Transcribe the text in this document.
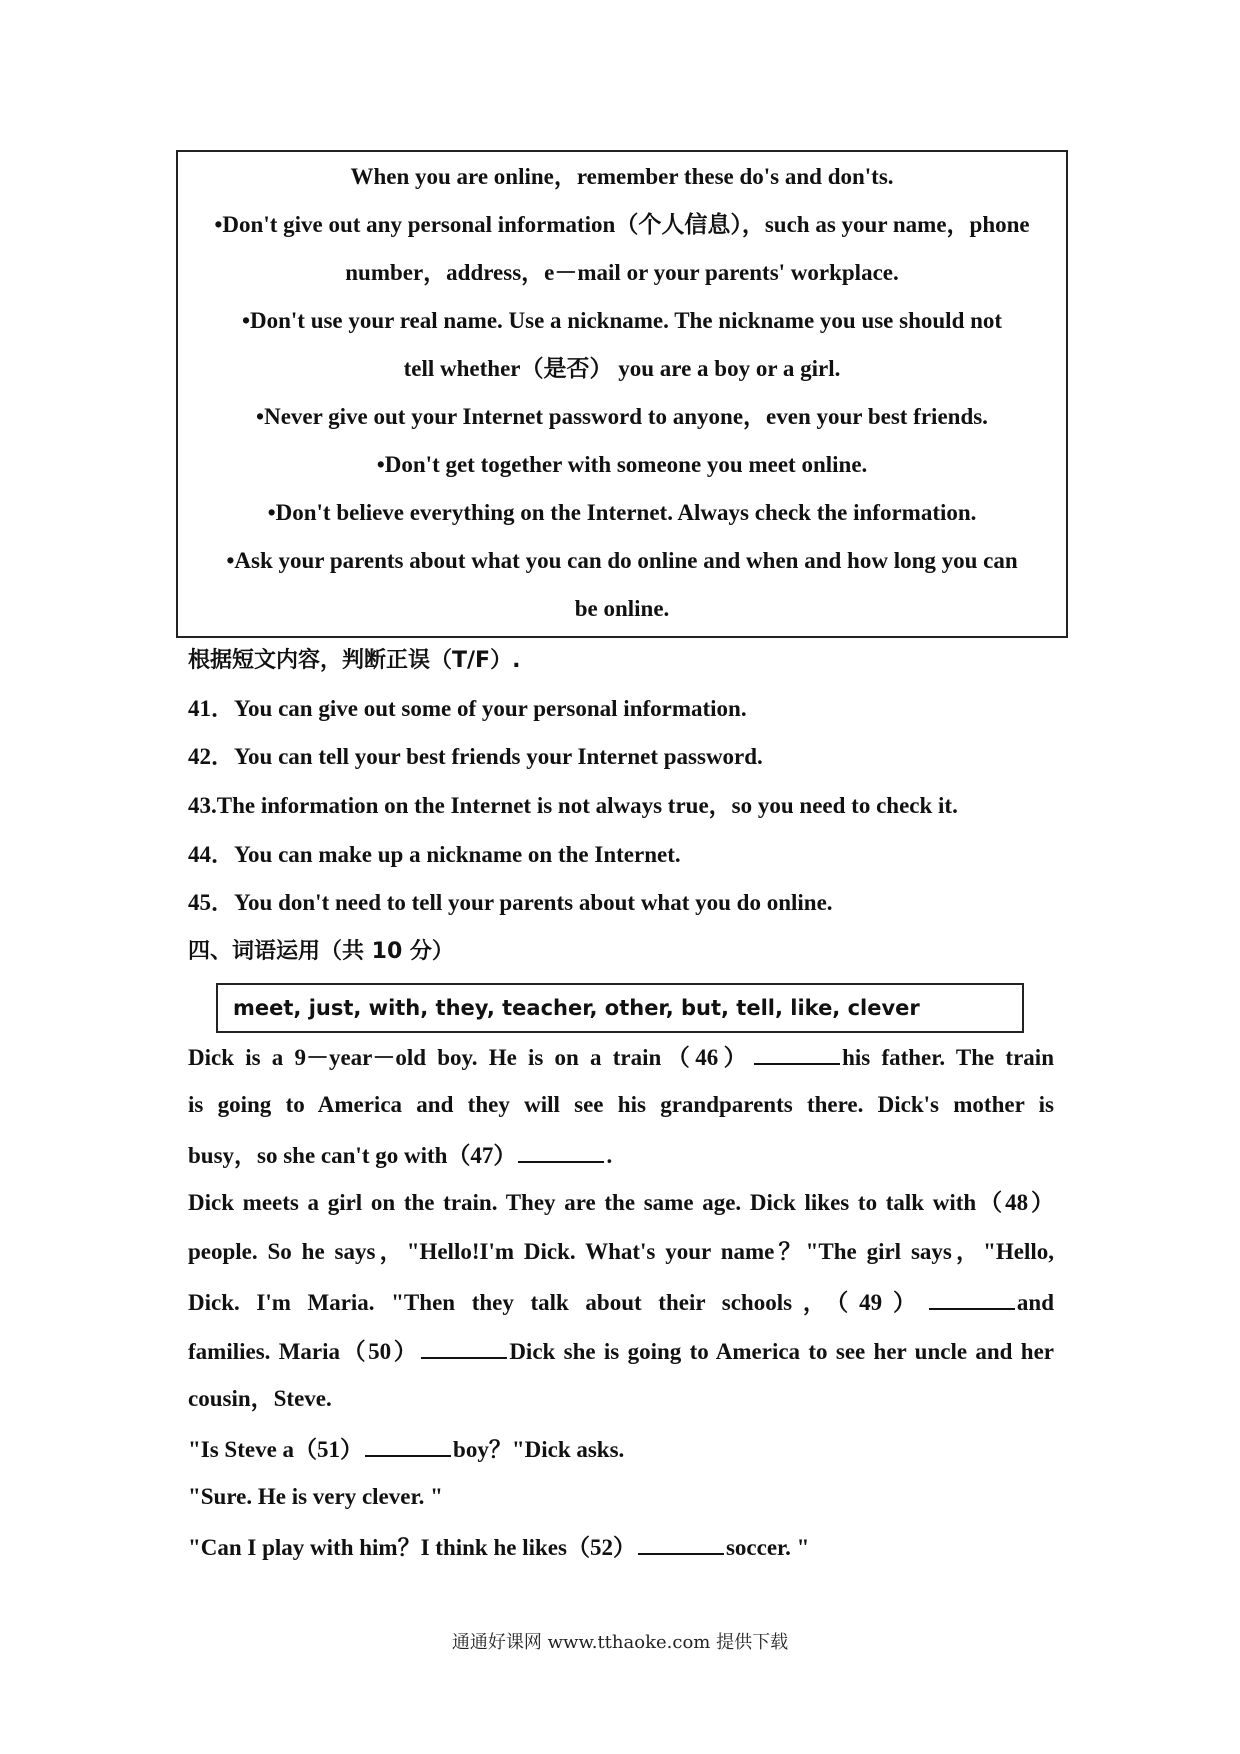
When you are online，remember these do's and don'ts.
•Don't give out any personal information（个人信息），such as your name，phone
number，address，e－mail or your parents' workplace.
•Don't use your real name. Use a nickname. The nickname you use should not
tell whether（是否） you are a boy or a girl.
•Never give out your Internet password to anyone，even your best friends.
•Don't get together with someone you meet online.
•Don't believe everything on the Internet. Always check the information.
•Ask your parents about what you can do online and when and how long you can
be online.
根据短文内容，判断正误（T/F）.
41．You can give out some of your personal information.
42．You can tell your best friends your Internet password.
43.The information on the Internet is not always true，so you need to check it.
44．You can make up a nickname on the Internet.
45．You don't need to tell your parents about what you do online.
四、词语运用（共 10 分）
meet, just, with, they, teacher, other, but, tell, like, clever
Dick is a 9－year－old boy. He is on a train（46）	his father. The train
is going to America and they will see his grandparents there. Dick's mother is
busy，so she can't go with（47）	.
Dick meets a girl on the train. They are the same age. Dick likes to talk with（48）
people. So he says，"Hello!I'm Dick. What's your name？"The girl says，"Hello,
Dick. I'm Maria. "Then they talk about their schools，（49）	and
families. Maria（50）	Dick she is going to America to see her uncle and her
cousin，Steve.
"Is Steve a（51）	boy？"Dick asks.
"Sure. He is very clever. "
"Can I play with him？I think he likes（52）	soccer. "
通通好课网 www.tthaoke.com 提供下载
